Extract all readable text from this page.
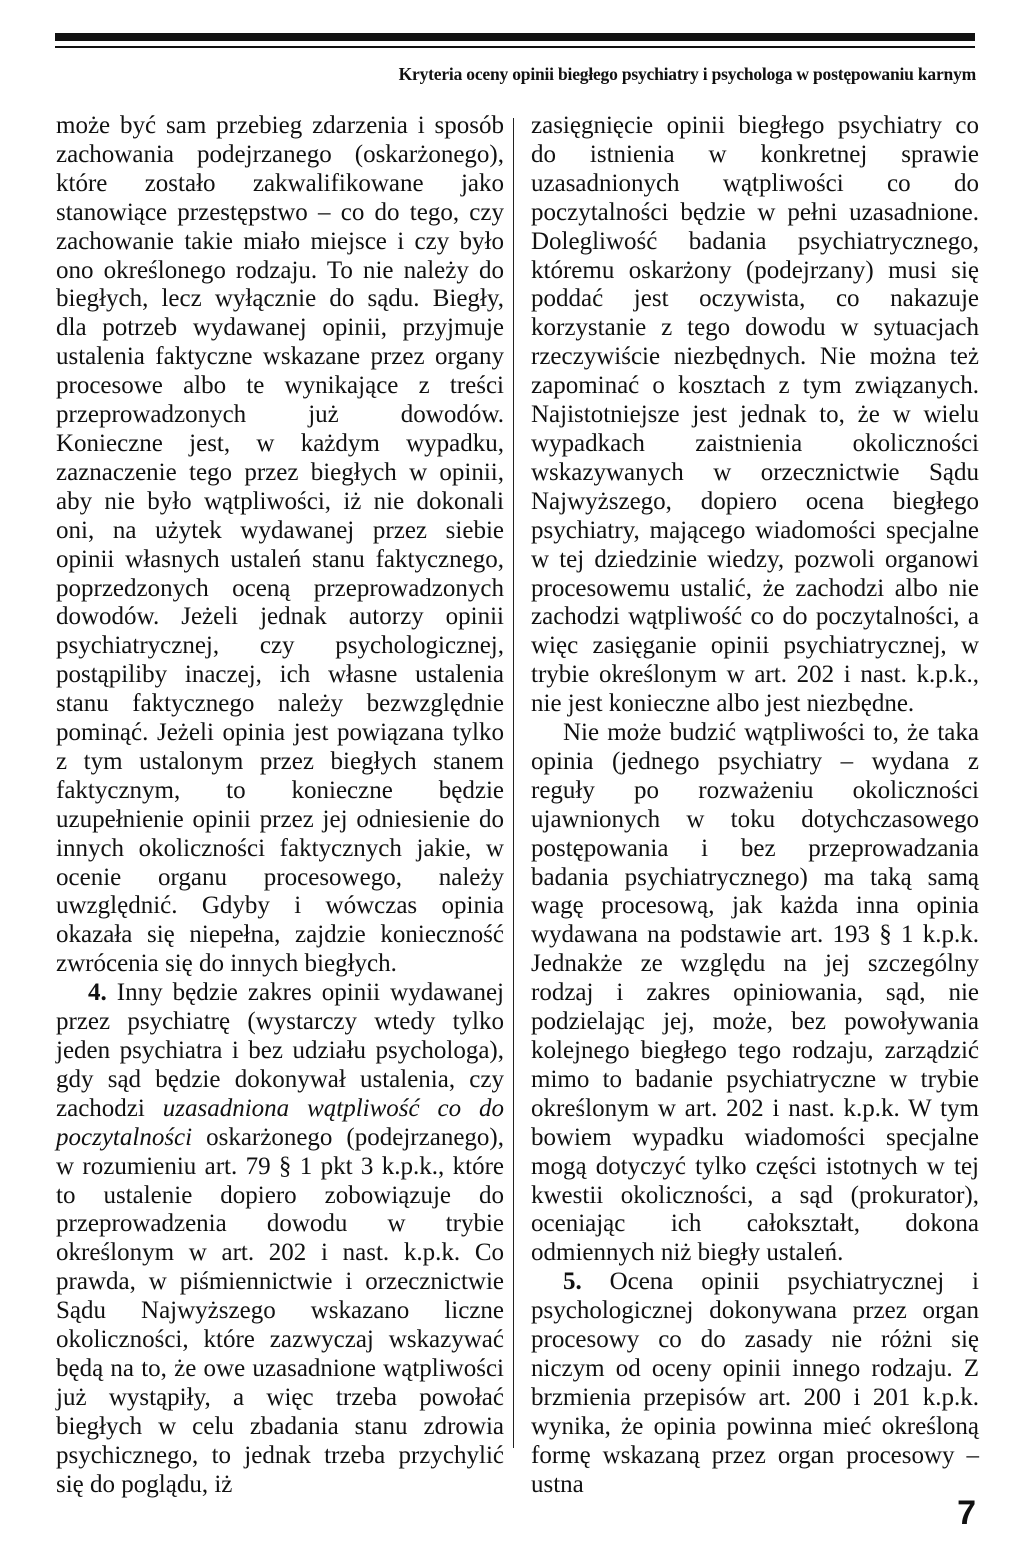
Kryteria oceny opinii biegłego psychiatry i psychologa w postępowaniu karnym

może być sam przebieg zdarzenia i sposób zachowania podejrzanego (oskarżonego), które zostało zakwalifikowane jako stanowiące przestępstwo – co do tego, czy zachowanie takie miało miejsce i czy było ono określonego rodzaju. To nie należy do biegłych, lecz wyłącznie do sądu. Biegły, dla potrzeb wydawanej opinii, przyjmuje ustalenia faktyczne wskazane przez organy procesowe albo te wynikające z treści przeprowadzonych już dowodów. Konieczne jest, w każdym wypadku, zaznaczenie tego przez biegłych w opinii, aby nie było wątpliwości, iż nie dokonali oni, na użytek wydawanej przez siebie opinii własnych ustaleń stanu faktycznego, poprzedzonych oceną przeprowadzonych dowodów. Jeżeli jednak autorzy opinii psychiatrycznej, czy psychologicznej, postąpiliby inaczej, ich własne ustalenia stanu faktycznego należy bezwzględnie pominąć. Jeżeli opinia jest powiązana tylko z tym ustalonym przez biegłych stanem faktycznym, to konieczne będzie uzupełnienie opinii przez jej odniesienie do innych okoliczności faktycznych jakie, w ocenie organu procesowego, należy uwzględnić. Gdyby i wówczas opinia okazała się niepełna, zajdzie konieczność zwrócenia się do innych biegłych.

4. Inny będzie zakres opinii wydawanej przez psychiatrę (wystarczy wtedy tylko jeden psychiatra i bez udziału psychologa), gdy sąd będzie dokonywał ustalenia, czy zachodzi uzasadniona wątpliwość co do poczytalności oskarżonego (podejrzanego), w rozumieniu art. 79 § 1 pkt 3 k.p.k., które to ustalenie dopiero zobowiązuje do przeprowadzenia dowodu w trybie określonym w art. 202 i nast. k.p.k. Co prawda, w piśmiennictwie i orzecznictwie Sądu Najwyższego wskazano liczne okoliczności, które zazwyczaj wskazywać będą na to, że owe uzasadnione wątpliwości już wystąpiły, a więc trzeba powołać biegłych w celu zbadania stanu zdrowia psychicznego, to jednak trzeba przychylić się do poglądu, iż

zasięgnięcie opinii biegłego psychiatry co do istnienia w konkretnej sprawie uzasadnionych wątpliwości co do poczytalności będzie w pełni uzasadnione. Dolegliwość badania psychiatrycznego, któremu oskarżony (podejrzany) musi się poddać jest oczywista, co nakazuje korzystanie z tego dowodu w sytuacjach rzeczywiście niezbędnych. Nie można też zapominać o kosztach z tym związanych. Najistotniejsze jest jednak to, że w wielu wypadkach zaistnienia okoliczności wskazywanych w orzecznictwie Sądu Najwyższego, dopiero ocena biegłego psychiatry, mającego wiadomości specjalne w tej dziedzinie wiedzy, pozwoli organowi procesowemu ustalić, że zachodzi albo nie zachodzi wątpliwość co do poczytalności, a więc zasięganie opinii psychiatrycznej, w trybie określonym w art. 202 i nast. k.p.k., nie jest konieczne albo jest niezbędne.

Nie może budzić wątpliwości to, że taka opinia (jednego psychiatry – wydana z reguły po rozważeniu okoliczności ujawnionych w toku dotychczasowego postępowania i bez przeprowadzania badania psychiatrycznego) ma taką samą wagę procesową, jak każda inna opinia wydawana na podstawie art. 193 § 1 k.p.k. Jednakże ze względu na jej szczególny rodzaj i zakres opiniowania, sąd, nie podzielając jej, może, bez powoływania kolejnego biegłego tego rodzaju, zarządzić mimo to badanie psychiatryczne w trybie określonym w art. 202 i nast. k.p.k. W tym bowiem wypadku wiadomości specjalne mogą dotyczyć tylko części istotnych w tej kwestii okoliczności, a sąd (prokurator), oceniając ich całokształt, dokona odmiennych niż biegły ustaleń.

5. Ocena opinii psychiatrycznej i psychologicznej dokonywana przez organ procesowy co do zasady nie różni się niczym od oceny opinii innego rodzaju. Z brzmienia przepisów art. 200 i 201 k.p.k. wynika, że opinia powinna mieć określoną formę wskazaną przez organ procesowy – ustna

7
